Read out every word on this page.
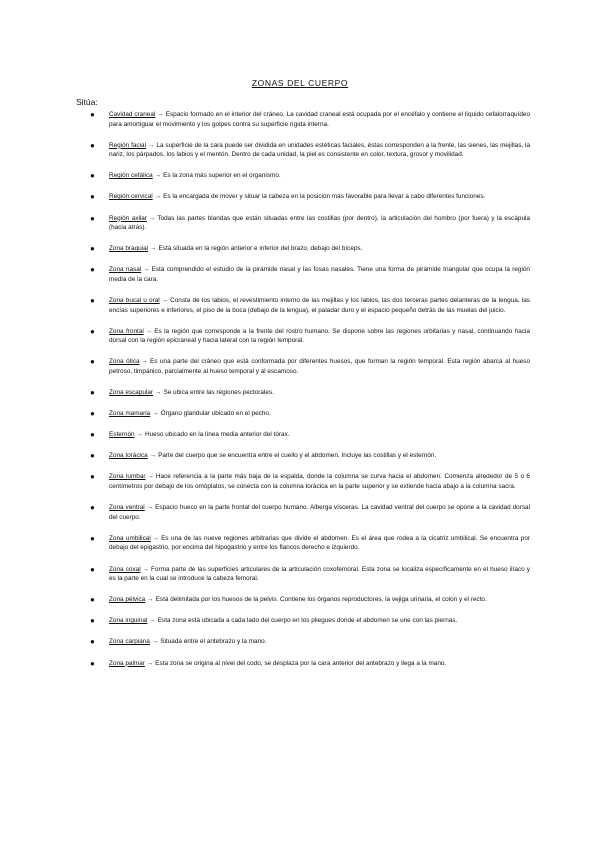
ZONAS DEL CUERPO
Sitúa:
● Cavidad craneal → Espacio formado en el interior del cráneo. La cavidad craneal está ocupada por el encéfalo y contiene el líquido cefalorraquídeo para amortiguar el movimiento y los golpes contra su superficie rígida interna.
● Región facial → La superficie de la cara puede ser dividida en unidades estéticas faciales, éstas corresponden a la frente, las sienes, las mejillas, la nariz, los párpados, los labios y el mentón. Dentro de cada unidad, la piel es consistente en color, textura, grosor y movilidad.
● Región cefálica → Es la zona más superior en el organismo.
● Región cervical → Es la encargada de mover y situar la cabeza en la posición más favorable para llevar a cabo diferentes funciones.
● Región axilar → Todas las partes blandas que están situadas entre las costillas (por dentro), la articulación del hombro (por fuera) y la escápula (hacia atrás).
● Zona braquial → Está situada en la región anterior e inferior del brazo, debajo del bíceps.
● Zona nasal → Está comprendido el estudio de la pirámide nasal y las fosas nasales. Tiene una forma de pirámide triangular que ocupa la región media de la cara.
● Zona bucal u oral → Consta de los labios, el revestimiento interno de las mejillas y los labios, las dos terceras partes delanteras de la lengua, las encías superiores e inferiores, el piso de la boca (debajo de la lengua), el paladar duro y el espacio pequeño detrás de las muelas del juicio.
● Zona frontal → Es la región que corresponde a la frente del rostro humano. Se dispone sobre las regiones orbitarias y nasal, continuando hacia dorsal con la región epicraneal y hacia lateral con la región temporal.
● Zona ótica → Es una parte del cráneo que está conformada por diferentes huesos, que forman la región temporal. Esta región abarca al hueso petroso, timpánico, parcialmente al hueso temporal y al escamoso.
● Zona escapular → Se ubica entre las regiones pectorales.
● Zona mamaria → Órgano glandular ubicado en el pecho.
● Esternón → Hueso ubicado en la línea media anterior del tórax.
● Zona torácica → Parte del cuerpo que se encuentra entre el cuello y el abdomen. Incluye las costillas y el esternón.
● Zona lumbar → Hace referencia a la parte más baja de la espalda, donde la columna se curva hacia el abdomen. Comienza alrededor de 5 o 6 centímetros por debajo de los omóplatos, se conecta con la columna torácica en la parte superior y se extiende hacia abajo a la columna sacra.
● Zona ventral → Espacio hueco en la parte frontal del cuerpo humano. Alberga vísceras. La cavidad ventral del cuerpo se opone a la cavidad dorsal del cuerpo.
● Zona umbilical → Es una de las nueve regiones arbitrarias que divide el abdomen. Es el área que rodea a la cicatriz umbilical. Se encuentra por debajo del epigastrio, por encima del hipogastrio y entre los flancos derecho e izquierdo.
● Zona coxal → Forma parte de las superficies articulares de la articulación coxofemoral. Esta zona se localiza específicamente en el hueso ilíaco y es la parte en la cual se introduce la cabeza femoral.
● Zona pélvica → Está delimitada por los huesos de la pelvis. Contiene los órganos reproductores, la vejiga urinaria, el colon y el recto.
● Zona inguinal → Esta zona está ubicada a cada lado del cuerpo en los pliegues donde el abdomen se une con las piernas.
● Zona carpiana → Situada entre el antebrazo y la mano.
● Zona palmar → Esta zona se origina al nivel del codo, se desplaza por la cara anterior del antebrazo y llega a la mano.
